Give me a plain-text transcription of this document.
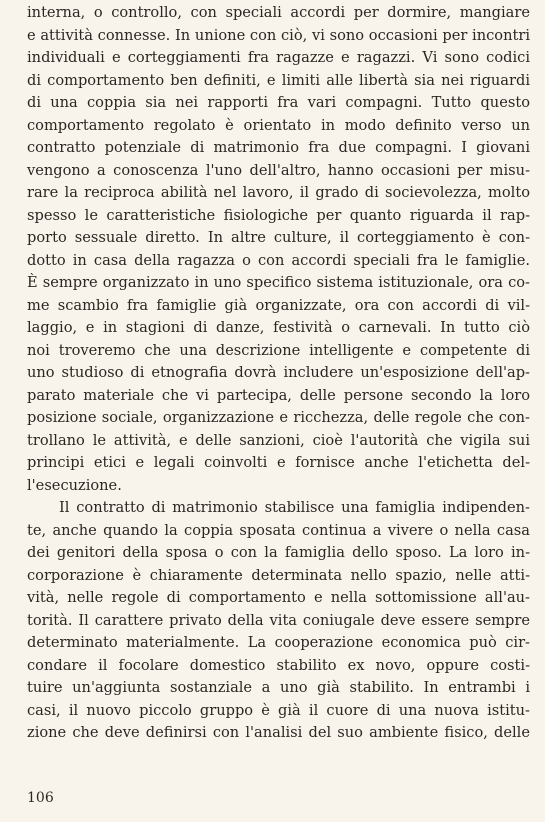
interna, o controllo, con speciali accordi per dormire, mangiare
e attività connesse. In unione con ciò, vi sono occasioni per incontri
individuali e corteggiamenti fra ragazze e ragazzi. Vi sono codici
di comportamento ben definiti, e limiti alle libertà sia nei riguardi
di una coppia sia nei rapporti fra vari compagni. Tutto questo
comportamento regolato è orientato in modo definito verso un
contratto potenziale di matrimonio fra due compagni. I giovani
vengono a conoscenza l'uno dell'altro, hanno occasioni per misu-
rare la reciproca abilità nel lavoro, il grado di socievolezza, molto
spesso le caratteristiche fisiologiche per quanto riguarda il rap-
porto sessuale diretto. In altre culture, il corteggiamento è con-
dotto in casa della ragazza o con accordi speciali fra le famiglie.
È sempre organizzato in uno specifico sistema istituzionale, ora co-
me scambio fra famiglie già organizzate, ora con accordi di vil-
laggio, e in stagioni di danze, festività o carnevali. In tutto ciò
noi troveremo che una descrizione intelligente e competente di
uno studioso di etnografia dovrà includere un'esposizione dell'ap-
parato materiale che vi partecipa, delle persone secondo la loro
posizione sociale, organizzazione e ricchezza, delle regole che con-
trollano le attività, e delle sanzioni, cioè l'autorità che vigila sui
principi etici e legali coinvolti e fornisce anche l'etichetta del-
l'esecuzione.
Il contratto di matrimonio stabilisce una famiglia indipenden-
te, anche quando la coppia sposata continua a vivere o nella casa
dei genitori della sposa o con la famiglia dello sposo. La loro in-
corporazione è chiaramente determinata nello spazio, nelle atti-
vità, nelle regole di comportamento e nella sottomissione all'au-
torità. Il carattere privato della vita coniugale deve essere sempre
determinato materialmente. La cooperazione economica può cir-
condare il focolare domestico stabilito ex novo, oppure costi-
tuire un'aggiunta sostanziale a uno già stabilito. In entrambi i
casi, il nuovo piccolo gruppo è già il cuore di una nuova istitu-
zione che deve definirsi con l'analisi del suo ambiente fisico, delle
106
